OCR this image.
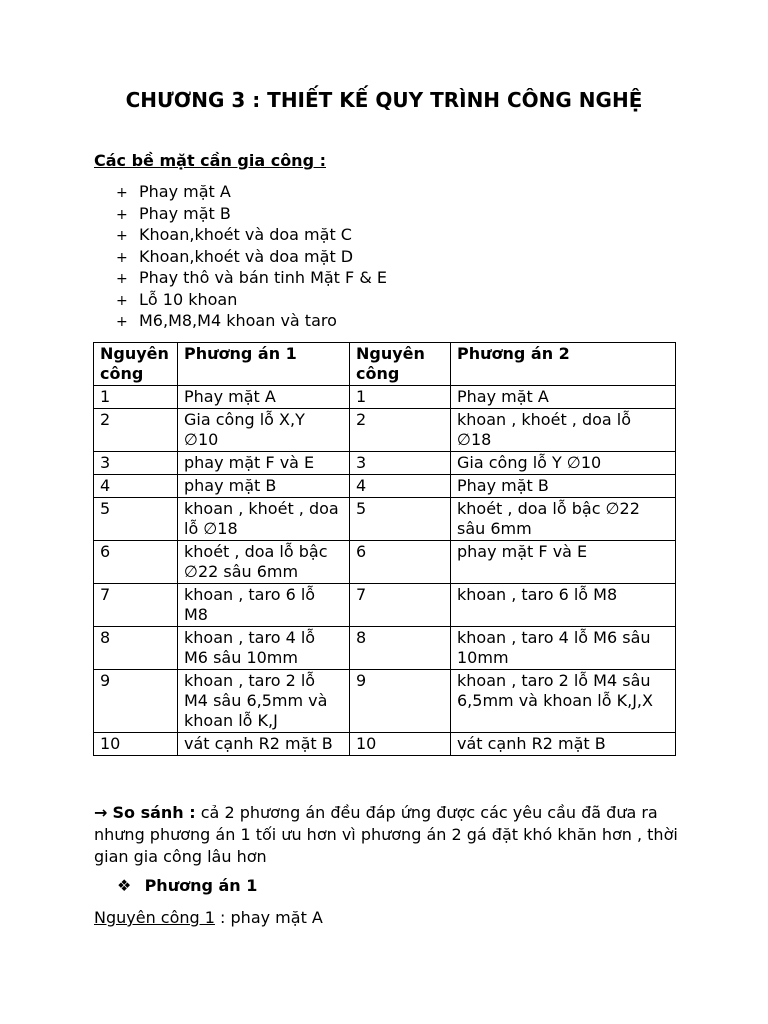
CHƯƠNG 3 : THIẾT KẾ QUY TRÌNH CÔNG NGHỆ
Các bề mặt cần gia công :
+ Phay mặt A
+ Phay mặt B
+ Khoan,khoét và doa mặt C
+ Khoan,khoét và doa mặt D
+ Phay thô và bán tinh Mặt F & E
+ Lỗ 10 khoan
+ M6,M8,M4 khoan và taro
Nguyên công	Phương án 1	Nguyên công	Phương án 2
1	Phay mặt A	1	Phay mặt A
2	Gia công lỗ X,Y ∅10	2	khoan , khoét , doa lỗ ∅18
3	phay mặt F và E	3	Gia công lỗ Y ∅10
4	phay mặt B	4	Phay mặt B
5	khoan , khoét , doa lỗ ∅18	5	khoét , doa lỗ bậc ∅22 sâu 6mm
6	khoét , doa lỗ bậc ∅22 sâu 6mm	6	phay mặt F và E
7	khoan , taro 6 lỗ M8	7	khoan , taro 6 lỗ M8
8	khoan , taro 4 lỗ M6 sâu 10mm	8	khoan , taro 4 lỗ M6 sâu 10mm
9	khoan , taro 2 lỗ M4 sâu 6,5mm và khoan lỗ K,J	9	khoan , taro 2 lỗ M4 sâu 6,5mm và khoan lỗ K,J,X
10	vát cạnh R2 mặt B	10	vát cạnh R2 mặt B
→ So sánh : cả 2 phương án đều đáp ứng được các yêu cầu đã đưa ra nhưng phương án 1 tối ưu hơn vì phương án 2 gá đặt khó khăn hơn , thời gian gia công lâu hơn
❖ Phương án 1
Nguyên công 1 : phay mặt A
